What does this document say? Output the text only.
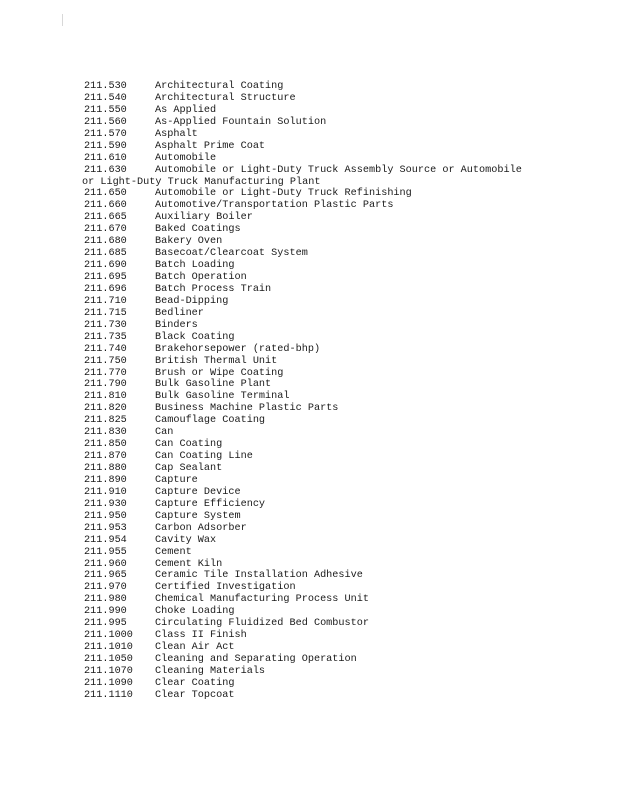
211.530	Architectural Coating
211.540	Architectural Structure
211.550	As Applied
211.560	As-Applied Fountain Solution
211.570	Asphalt
211.590	Asphalt Prime Coat
211.610	Automobile
211.630	Automobile or Light-Duty Truck Assembly Source or Automobile
or Light-Duty Truck Manufacturing Plant
211.650	Automobile or Light-Duty Truck Refinishing
211.660	Automotive/Transportation Plastic Parts
211.665	Auxiliary Boiler
211.670	Baked Coatings
211.680	Bakery Oven
211.685	Basecoat/Clearcoat System
211.690	Batch Loading
211.695	Batch Operation
211.696	Batch Process Train
211.710	Bead-Dipping
211.715	Bedliner
211.730	Binders
211.735	Black Coating
211.740	Brakehorsepower (rated-bhp)
211.750	British Thermal Unit
211.770	Brush or Wipe Coating
211.790	Bulk Gasoline Plant
211.810	Bulk Gasoline Terminal
211.820	Business Machine Plastic Parts
211.825	Camouflage Coating
211.830	Can
211.850	Can Coating
211.870	Can Coating Line
211.880	Cap Sealant
211.890	Capture
211.910	Capture Device
211.930	Capture Efficiency
211.950	Capture System
211.953	Carbon Adsorber
211.954	Cavity Wax
211.955	Cement
211.960	Cement Kiln
211.965	Ceramic Tile Installation Adhesive
211.970	Certified Investigation
211.980	Chemical Manufacturing Process Unit
211.990	Choke Loading
211.995	Circulating Fluidized Bed Combustor
211.1000	Class II Finish
211.1010	Clean Air Act
211.1050	Cleaning and Separating Operation
211.1070	Cleaning Materials
211.1090	Clear Coating
211.1110	Clear Topcoat
